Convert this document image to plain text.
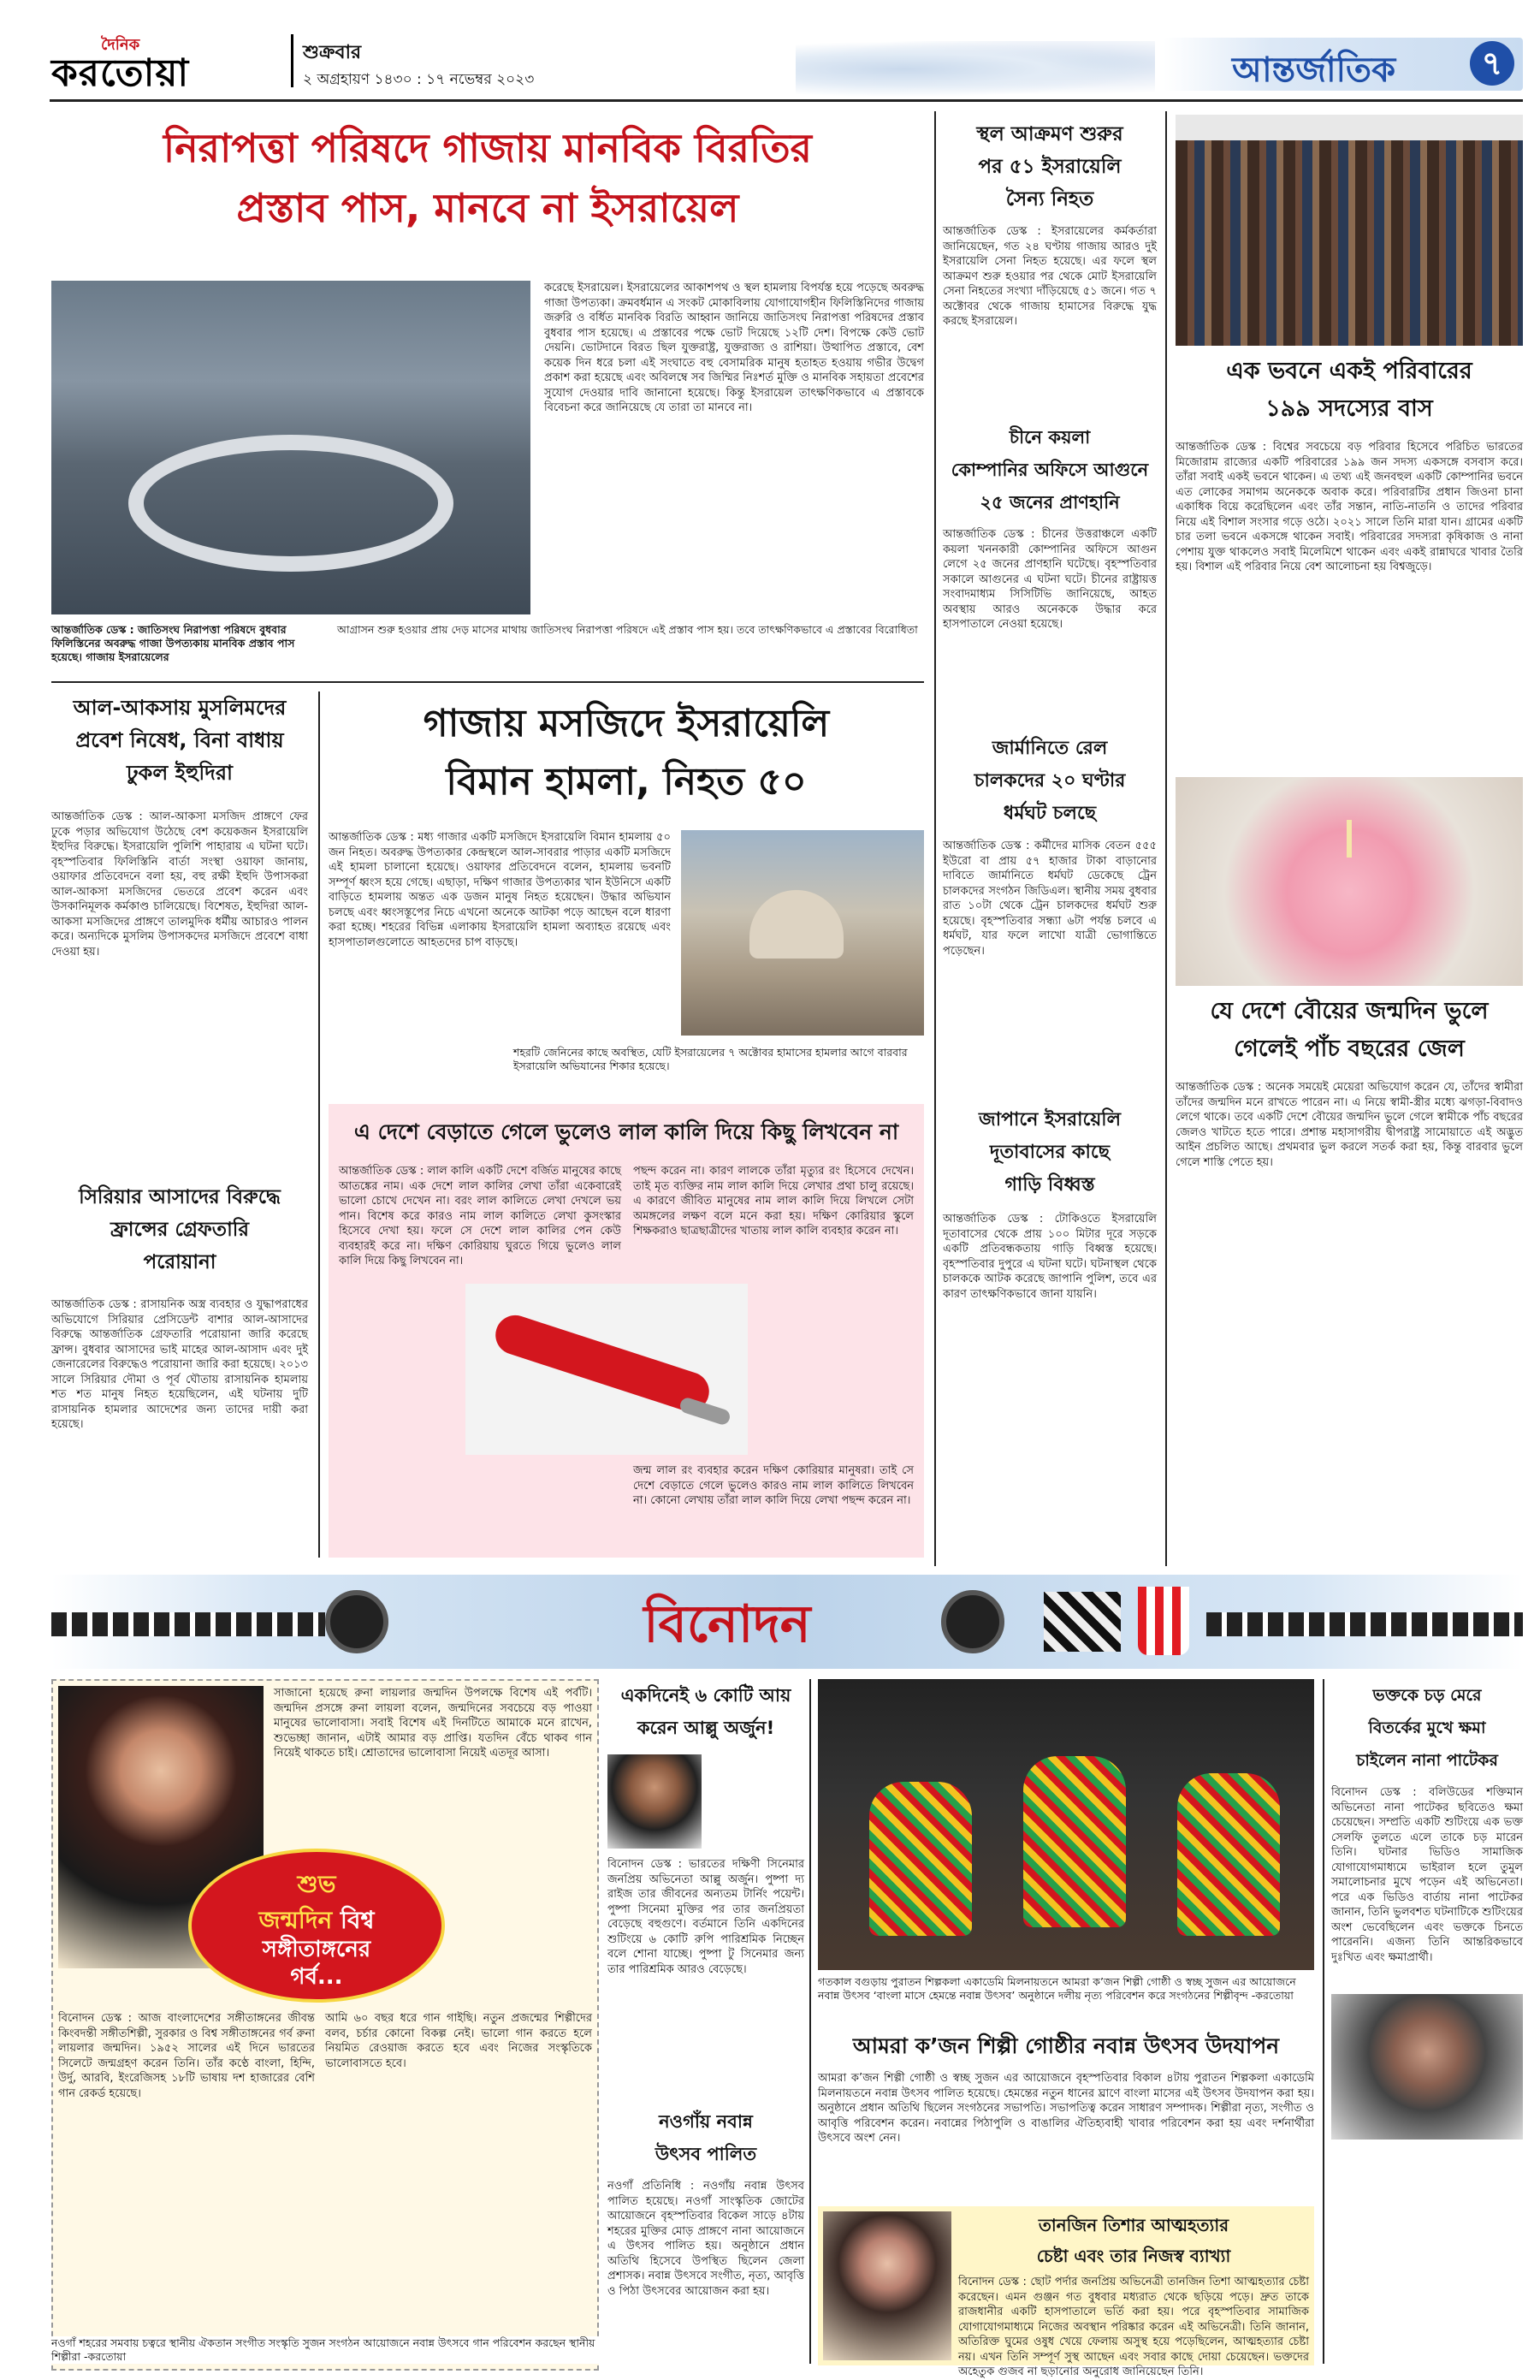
দৈনিক
করতোয়া	শুক্রবার
২ অগ্রহায়ণ ১৪৩০ : ১৭ নভেম্বর ২০২৩	আন্তর্জাতিক	৭
নিরাপত্তা পরিষদে গাজায় মানবিক বিরতির
প্রস্তাব পাস, মানবে না ইসরায়েল
করেছে ইসরায়েল। ইসরায়েলের আকাশপথ ও স্থল হামলায় বিপর্যস্ত হয়ে পড়েছে অবরুদ্ধ গাজা উপত্যকা। ক্রমবর্ধমান এ সংকট মোকাবিলায় যোগাযোগহীন ফিলিস্তিনিদের গাজায় জরুরি ও বর্ধিত মানবিক বিরতি আহ্বান জানিয়ে জাতিসংঘ নিরাপত্তা পরিষদের প্রস্তাব বুধবার পাস হয়েছে। এ প্রস্তাবের পক্ষে ভোট দিয়েছে ১২টি দেশ। বিপক্ষে কেউ ভোট দেয়নি। ভোটদানে বিরত ছিল যুক্তরাষ্ট্র, যুক্তরাজ্য ও রাশিয়া। উত্থাপিত প্রস্তাবে, বেশ কয়েক দিন ধরে চলা এই সংঘাতে বহু বেসামরিক মানুষ হতাহত হওয়ায় গভীর উদ্বেগ প্রকাশ করা হয়েছে এবং অবিলম্বে সব জিম্মির নিঃশর্ত মুক্তি ও মানবিক সহায়তা প্রবেশের সুযোগ দেওয়ার দাবি জানানো হয়েছে। কিন্তু ইসরায়েল তাৎক্ষণিকভাবে এ প্রস্তাবকে বিবেচনা করে জানিয়েছে যে তারা তা মানবে না।
আন্তর্জাতিক ডেস্ক : জাতিসংঘ নিরাপত্তা পরিষদে বুধবার ফিলিস্তিনের অবরুদ্ধ গাজা উপত্যকায় মানবিক প্রস্তাব পাস হয়েছে। গাজায় ইসরায়েলের
আগ্রাসন শুরু হওয়ার প্রায় দেড় মাসের মাথায় জাতিসংঘ নিরাপত্তা পরিষদে এই প্রস্তাব পাস হয়। তবে তাৎক্ষণিকভাবে এ প্রস্তাবের বিরোধিতা
আল-আকসায় মুসলিমদের
প্রবেশ নিষেধ, বিনা বাধায়
ঢুকল ইহুদিরা
আন্তর্জাতিক ডেস্ক : আল-আকসা মসজিদ প্রাঙ্গণে ফের ঢুকে পড়ার অভিযোগ উঠেছে বেশ কয়েকজন ইসরায়েলি ইহুদির বিরুদ্ধে। ইসরায়েলি পুলিশি পাহারায় এ ঘটনা ঘটে। বৃহস্পতিবার ফিলিস্তিনি বার্তা সংস্থা ওয়াফা জানায়, ওয়াফার প্রতিবেদনে বলা হয়, বহু রক্ষী ইহুদি উপাসকরা আল-আকসা মসজিদের ভেতরে প্রবেশ করেন এবং উসকানিমূলক কর্মকাণ্ড চালিয়েছে। বিশেষত, ইহুদিরা আল-আকসা মসজিদের প্রাঙ্গণে তালমুদিক ধর্মীয় আচারও পালন করে। অন্যদিকে মুসলিম উপাসকদের মসজিদে প্রবেশে বাধা দেওয়া হয়।
গাজায় মসজিদে ইসরায়েলি
বিমান হামলা, নিহত ৫০
আন্তর্জাতিক ডেস্ক : মধ্য গাজার একটি মসজিদে ইসরায়েলি বিমান হামলায় ৫০ জন নিহত। অবরুদ্ধ উপত্যকার কেন্দ্রস্থলে আল-সাবরার পাড়ার একটি মসজিদে এই হামলা চালানো হয়েছে। ওয়াফার প্রতিবেদনে বলেন, হামলায় ভবনটি সম্পূর্ণ ধ্বংস হয়ে গেছে। এছাড়া, দক্ষিণ গাজার উপত্যকার খান ইউনিসে একটি বাড়িতে হামলায় অন্তত এক ডজন মানুষ নিহত হয়েছেন। উদ্ধার অভিযান চলছে এবং ধ্বংসস্তূপের নিচে এখনো অনেকে আটকা পড়ে আছেন বলে ধারণা করা হচ্ছে। শহরের বিভিন্ন এলাকায় ইসরায়েলি হামলা অব্যাহত রয়েছে এবং হাসপাতালগুলোতে আহতদের চাপ বাড়ছে।
শহরটি জেনিনের কাছে অবস্থিত, যেটি ইসরায়েলের ৭ অক্টোবর হামাসের হামলার আগে বারবার ইসরায়েলি অভিযানের শিকার হয়েছে।
সিরিয়ার আসাদের বিরুদ্ধে
ফ্রান্সের গ্রেফতারি
পরোয়ানা
আন্তর্জাতিক ডেস্ক : রাসায়নিক অস্ত্র ব্যবহার ও যুদ্ধাপরাধের অভিযোগে সিরিয়ার প্রেসিডেন্ট বাশার আল-আসাদের বিরুদ্ধে আন্তর্জাতিক গ্রেফতারি পরোয়ানা জারি করেছে ফ্রান্স। বুধবার আসাদের ভাই মাহের আল-আসাদ এবং দুই জেনারেলের বিরুদ্ধেও পরোয়ানা জারি করা হয়েছে। ২০১৩ সালে সিরিয়ার দৌমা ও পূর্ব ঘৌতায় রাসায়নিক হামলায় শত শত মানুষ নিহত হয়েছিলেন, এই ঘটনায় দুটি রাসায়নিক হামলার আদেশের জন্য তাদের দায়ী করা হয়েছে।
এ দেশে বেড়াতে গেলে ভুলেও লাল কালি দিয়ে কিছু লিখবেন না
আন্তর্জাতিক ডেস্ক : লাল কালি একটি দেশে বর্জিত মানুষের কাছে আতঙ্কের নাম। এক দেশে লাল কালির লেখা তাঁরা একেবারেই ভালো চোখে দেখেন না। বরং লাল কালিতে লেখা দেখলে ভয় পান। বিশেষ করে কারও নাম লাল কালিতে লেখা কুসংস্কার হিসেবে দেখা হয়। ফলে সে দেশে লাল কালির পেন কেউ ব্যবহারই করে না। দক্ষিণ কোরিয়ায় ঘুরতে গিয়ে ভুলেও লাল কালি দিয়ে কিছু লিখবেন না।
পছন্দ করেন না। কারণ লালকে তাঁরা মৃত্যুর রং হিসেবে দেখেন। তাই মৃত ব্যক্তির নাম লাল কালি দিয়ে লেখার প্রথা চালু রয়েছে। এ কারণে জীবিত মানুষের নাম লাল কালি দিয়ে লিখলে সেটা অমঙ্গলের লক্ষণ বলে মনে করা হয়। দক্ষিণ কোরিয়ার স্কুলে শিক্ষকরাও ছাত্রছাত্রীদের খাতায় লাল কালি ব্যবহার করেন না।
জন্ম লাল রং ব্যবহার করেন দক্ষিণ কোরিয়ার মানুষরা। তাই সে দেশে বেড়াতে গেলে ভুলেও কারও নাম লাল কালিতে লিখবেন না। কোনো লেখায় তাঁরা লাল কালি দিয়ে লেখা পছন্দ করেন না।
স্থল আক্রমণ শুরুর
পর ৫১ ইসরায়েলি
সৈন্য নিহত
আন্তর্জাতিক ডেস্ক : ইসরায়েলের কর্মকর্তারা জানিয়েছেন, গত ২৪ ঘণ্টায় গাজায় আরও দুই ইসরায়েলি সেনা নিহত হয়েছে। এর ফলে স্থল আক্রমণ শুরু হওয়ার পর থেকে মোট ইসরায়েলি সেনা নিহতের সংখ্যা দাঁড়িয়েছে ৫১ জনে। গত ৭ অক্টোবর থেকে গাজায় হামাসের বিরুদ্ধে যুদ্ধ করছে ইসরায়েল।
চীনে কয়লা
কোম্পানির অফিসে আগুনে
২৫ জনের প্রাণহানি
আন্তর্জাতিক ডেস্ক : চীনের উত্তরাঞ্চলে একটি কয়লা খননকারী কোম্পানির অফিসে আগুন লেগে ২৫ জনের প্রাণহানি ঘটেছে। বৃহস্পতিবার সকালে আগুনের এ ঘটনা ঘটে। চীনের রাষ্ট্রায়ত্ত সংবাদমাধ্যম সিসিটিভি জানিয়েছে, আহত অবস্থায় আরও অনেককে উদ্ধার করে হাসপাতালে নেওয়া হয়েছে।
জার্মানিতে রেল
চালকদের ২০ ঘণ্টার
ধর্মঘট চলছে
আন্তর্জাতিক ডেস্ক : কর্মীদের মাসিক বেতন ৫৫৫ ইউরো বা প্রায় ৫৭ হাজার টাকা বাড়ানোর দাবিতে জার্মানিতে ধর্মঘট ডেকেছে ট্রেন চালকদের সংগঠন জিডিএল। স্থানীয় সময় বুধবার রাত ১০টা থেকে ট্রেন চালকদের ধর্মঘট শুরু হয়েছে। বৃহস্পতিবার সন্ধ্যা ৬টা পর্যন্ত চলবে এ ধর্মঘট, যার ফলে লাখো যাত্রী ভোগান্তিতে পড়েছেন।
জাপানে ইসরায়েলি
দূতাবাসের কাছে
গাড়ি বিধ্বস্ত
আন্তর্জাতিক ডেস্ক : টোকিওতে ইসরায়েলি দূতাবাসের থেকে প্রায় ১০০ মিটার দূরে সড়কে একটি প্রতিবন্ধকতায় গাড়ি বিধ্বস্ত হয়েছে। বৃহস্পতিবার দুপুরে এ ঘটনা ঘটে। ঘটনাস্থল থেকে চালককে আটক করেছে জাপানি পুলিশ, তবে এর কারণ তাৎক্ষণিকভাবে জানা যায়নি।
এক ভবনে একই পরিবারের
১৯৯ সদস্যের বাস
আন্তর্জাতিক ডেস্ক : বিশ্বের সবচেয়ে বড় পরিবার হিসেবে পরিচিত ভারতের মিজোরাম রাজ্যের একটি পরিবারের ১৯৯ জন সদস্য একসঙ্গে বসবাস করে। তাঁরা সবাই একই ভবনে থাকেন। এ তথ্য এই জনবহুল একটি কোম্পানির ভবনে এত লোকের সমাগম অনেককে অবাক করে। পরিবারটির প্রধান জিওনা চানা একাধিক বিয়ে করেছিলেন এবং তাঁর সন্তান, নাতি-নাতনি ও তাদের পরিবার নিয়ে এই বিশাল সংসার গড়ে ওঠে। ২০২১ সালে তিনি মারা যান। গ্রামের একটি চার তলা ভবনে একসঙ্গে থাকেন সবাই। পরিবারের সদস্যরা কৃষিকাজ ও নানা পেশায় যুক্ত থাকলেও সবাই মিলেমিশে থাকেন এবং একই রান্নাঘরে খাবার তৈরি হয়। বিশাল এই পরিবার নিয়ে বেশ আলোচনা হয় বিশ্বজুড়ে।
যে দেশে বৌয়ের জন্মদিন ভুলে
গেলেই পাঁচ বছরের জেল
আন্তর্জাতিক ডেস্ক : অনেক সময়েই মেয়েরা অভিযোগ করেন যে, তাঁদের স্বামীরা তাঁদের জন্মদিন মনে রাখতে পারেন না। এ নিয়ে স্বামী-স্ত্রীর মধ্যে ঝগড়া-বিবাদও লেগে থাকে। তবে একটি দেশে বৌয়ের জন্মদিন ভুলে গেলে স্বামীকে পাঁচ বছরের জেলও খাটতে হতে পারে। প্রশান্ত মহাসাগরীয় দ্বীপরাষ্ট্র সামোয়াতে এই অদ্ভুত আইন প্রচলিত আছে। প্রথমবার ভুল করলে সতর্ক করা হয়, কিন্তু বারবার ভুলে গেলে শাস্তি পেতে হয়।
বিনোদন
শুভ
জন্মদিন বিশ্ব
সঙ্গীতাঙ্গনের
গর্ব...
সাজানো হয়েছে রুনা লায়লার জন্মদিন উপলক্ষে বিশেষ এই পর্বটি। জন্মদিন প্রসঙ্গে রুনা লায়লা বলেন, জন্মদিনের সবচেয়ে বড় পাওয়া মানুষের ভালোবাসা। সবাই বিশেষ এই দিনটিতে আমাকে মনে রাখেন, শুভেচ্ছা জানান, এটাই আমার বড় প্রাপ্তি। যতদিন বেঁচে থাকব গান নিয়েই থাকতে চাই। শ্রোতাদের ভালোবাসা নিয়েই এতদূর আসা।
বিনোদন ডেস্ক : আজ বাংলাদেশের সঙ্গীতাঙ্গনের জীবন্ত কিংবদন্তী সঙ্গীতশিল্পী, সুরকার ও বিশ্ব সঙ্গীতাঙ্গনের গর্ব রুনা লায়লার জন্মদিন। ১৯৫২ সালের এই দিনে ভারতের সিলেটে জন্মগ্রহণ করেন তিনি। তাঁর কণ্ঠে বাংলা, হিন্দি, উর্দু, আরবি, ইংরেজিসহ ১৮টি ভাষায় দশ হাজারের বেশি গান রেকর্ড হয়েছে।
আমি ৬০ বছর ধরে গান গাইছি। নতুন প্রজন্মের শিল্পীদের বলব, চর্চার কোনো বিকল্প নেই। ভালো গান করতে হলে নিয়মিত রেওয়াজ করতে হবে এবং নিজের সংস্কৃতিকে ভালোবাসতে হবে।
একদিনেই ৬ কোটি আয়
করেন আল্লু অর্জুন!
বিনোদন ডেস্ক : ভারতের দক্ষিণী সিনেমার জনপ্রিয় অভিনেতা আল্লু অর্জুন। পুষ্পা দ্য রাইজ তার জীবনের অন্যতম টার্নিং পয়েন্ট। পুষ্পা সিনেমা মুক্তির পর তার জনপ্রিয়তা বেড়েছে বহুগুণে। বর্তমানে তিনি একদিনের শুটিংয়ে ৬ কোটি রুপি পারিশ্রমিক নিচ্ছেন বলে শোনা যাচ্ছে। পুষ্পা টু সিনেমার জন্য তার পারিশ্রমিক আরও বেড়েছে।
নওগাঁয় নবান্ন
উৎসব পালিত
নওগাঁ প্রতিনিধি : নওগাঁয় নবান্ন উৎসব পালিত হয়েছে। নওগাঁ সাংস্কৃতিক জোটের আয়োজনে বৃহস্পতিবার বিকেল সাড়ে ৪টায় শহরের মুক্তির মোড় প্রাঙ্গণে নানা আয়োজনে এ উৎসব পালিত হয়। অনুষ্ঠানে প্রধান অতিথি হিসেবে উপস্থিত ছিলেন জেলা প্রশাসক। নবান্ন উৎসবে সংগীত, নৃত্য, আবৃত্তি ও পিঠা উৎসবের আয়োজন করা হয়।
গতকাল বগুড়ায় পুরাতন শিল্পকলা একাডেমি মিলনায়তনে আমরা ক’জন শিল্পী গোষ্ঠী ও স্বচ্ছ সুজন এর আয়োজনে নবান্ন উৎসব ‘বাংলা মাসে হেমন্তে নবান্ন উৎসব’ অনুষ্ঠানে দলীয় নৃত্য পরিবেশন করে সংগঠনের শিল্পীবৃন্দ -করতোয়া
আমরা ক’জন শিল্পী গোষ্ঠীর নবান্ন উৎসব উদযাপন
আমরা ক’জন শিল্পী গোষ্ঠী ও স্বচ্ছ সুজন এর আয়োজনে বৃহস্পতিবার বিকাল ৪টায় পুরাতন শিল্পকলা একাডেমি মিলনায়তনে নবান্ন উৎসব পালিত হয়েছে। হেমন্তের নতুন ধানের ঘ্রাণে বাংলা মাসের এই উৎসব উদযাপন করা হয়। অনুষ্ঠানে প্রধান অতিথি ছিলেন সংগঠনের সভাপতি। সভাপতিত্ব করেন সাধারণ সম্পাদক। শিল্পীরা নৃত্য, সংগীত ও আবৃত্তি পরিবেশন করেন। নবান্নের পিঠাপুলি ও বাঙালির ঐতিহ্যবাহী খাবার পরিবেশন করা হয় এবং দর্শনার্থীরা উৎসবে অংশ নেন।
তানজিন তিশার আত্মহত্যার
চেষ্টা এবং তার নিজস্ব ব্যাখ্যা
বিনোদন ডেস্ক : ছোট পর্দার জনপ্রিয় অভিনেত্রী তানজিন তিশা আত্মহত্যার চেষ্টা করেছেন। এমন গুঞ্জন গত বুধবার মধ্যরাত থেকে ছড়িয়ে পড়ে। দ্রুত তাকে রাজধানীর একটি হাসপাতালে ভর্তি করা হয়। পরে বৃহস্পতিবার সামাজিক যোগাযোগমাধ্যমে নিজের অবস্থান পরিষ্কার করেন এই অভিনেত্রী। তিনি জানান, অতিরিক্ত ঘুমের ওষুধ খেয়ে ফেলায় অসুস্থ হয়ে পড়েছিলেন, আত্মহত্যার চেষ্টা নয়। এখন তিনি সম্পূর্ণ সুস্থ আছেন এবং সবার কাছে দোয়া চেয়েছেন। ভক্তদের অহেতুক গুজব না ছড়ানোর অনুরোধ জানিয়েছেন তিনি।
ভক্তকে চড় মেরে
বিতর্কের মুখে ক্ষমা
চাইলেন নানা পাটেকর
বিনোদন ডেস্ক : বলিউডের শক্তিমান অভিনেতা নানা পাটেকর ছবিতেও ক্ষমা চেয়েছেন। সম্প্রতি একটি শুটিংয়ে এক ভক্ত সেলফি তুলতে এলে তাকে চড় মারেন তিনি। ঘটনার ভিডিও সামাজিক যোগাযোগমাধ্যমে ভাইরাল হলে তুমুল সমালোচনার মুখে পড়েন এই অভিনেতা। পরে এক ভিডিও বার্তায় নানা পাটেকর জানান, তিনি ভুলবশত ঘটনাটিকে শুটিংয়ের অংশ ভেবেছিলেন এবং ভক্তকে চিনতে পারেননি। এজন্য তিনি আন্তরিকভাবে দুঃখিত এবং ক্ষমাপ্রার্থী।
নওগাঁ শহরের সমবায় চত্বরে স্থানীয় ঐকতান সংগীত সংস্কৃতি সুজন সংগঠন আয়োজনে নবান্ন উৎসবে গান পরিবেশন করছেন স্থানীয় শিল্পীরা -করতোয়া
